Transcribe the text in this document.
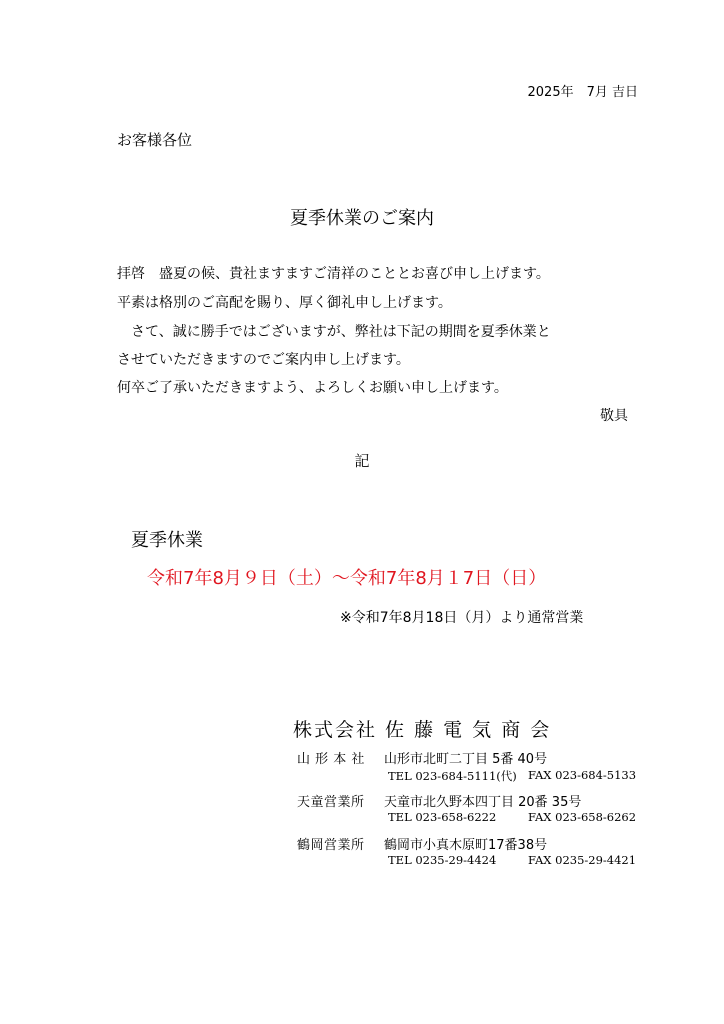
2025年　7月 吉日
お客様各位
夏季休業のご案内
拝啓　盛夏の候、貴社ますますご清祥のこととお喜び申し上げます。
平素は格別のご高配を賜り、厚く御礼申し上げます。
　さて、誠に勝手ではございますが、弊社は下記の期間を夏季休業と
させていただきますのでご案内申し上げます。
何卒ご了承いただきますよう、よろしくお願い申し上げます。
敬具
記
夏季休業
令和7年8月９日（土）～令和7年8月１7日（日）
※令和7年8月18日（月）より通常営業
株式会社 佐 藤 電 気 商 会
山 形 本 社 山形市北町二丁目 5番 40号
TEL 023-684-5111(代) FAX 023-684-5133
天童営業所 天童市北久野本四丁目 20番 35号
TEL 023-658-6222	FAX 023-658-6262
鶴岡営業所 鶴岡市小真木原町17番38号
TEL 0235-29-4424	FAX 0235-29-4421
